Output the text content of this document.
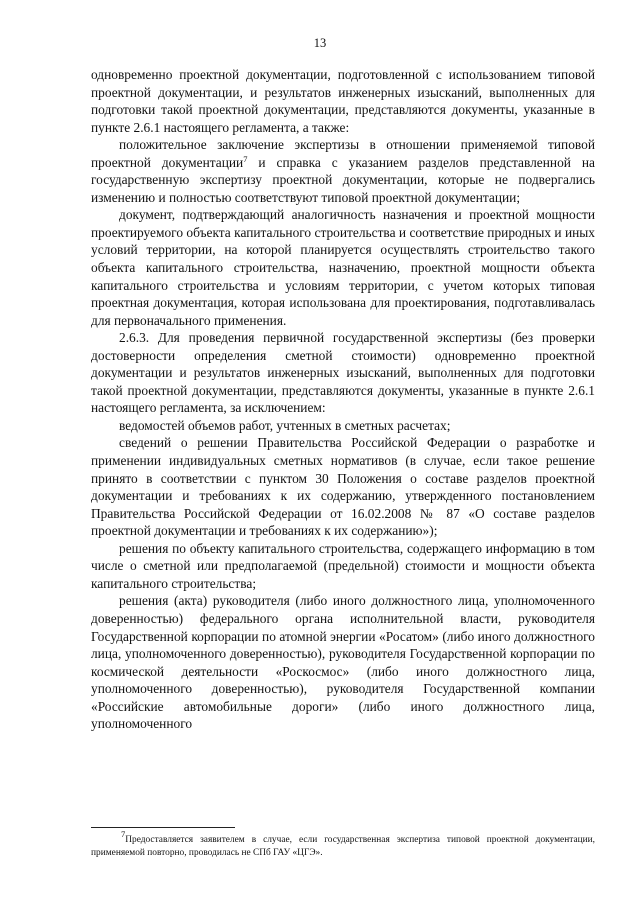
13

одновременно проектной документации, подготовленной с использованием типовой проектной документации, и результатов инженерных изысканий, выполненных для подготовки такой проектной документации, представляются документы, указанные в пункте 2.6.1 настоящего регламента, а также:

положительное заключение экспертизы в отношении применяемой типовой проектной документации$^7$ и справка с указанием разделов представленной на государственную экспертизу проектной документации, которые не подвергались изменению и полностью соответствуют типовой проектной документации;

документ, подтверждающий аналогичность назначения и проектной мощности проектируемого объекта капитального строительства и соответствие природных и иных условий территории, на которой планируется осуществлять строительство такого объекта капитального строительства, назначению, проектной мощности объекта капитального строительства и условиям территории, с учетом которых типовая проектная документация, которая использована для проектирования, подготавливалась для первоначального применения.

2.6.3. Для проведения первичной государственной экспертизы (без проверки достоверности определения сметной стоимости) одновременно проектной документации и результатов инженерных изысканий, выполненных для подготовки такой проектной документации, представляются документы, указанные в пункте 2.6.1 настоящего регламента, за исключением:

ведомостей объемов работ, учтенных в сметных расчетах;

сведений о решении Правительства Российской Федерации о разработке и применении индивидуальных сметных нормативов (в случае, если такое решение принято в соответствии с пунктом 30 Положения о составе разделов проектной документации и требованиях к их содержанию, утвержденного постановлением Правительства Российской Федерации от 16.02.2008 № 87 «О составе разделов проектной документации и требованиях к их содержанию»);

решения по объекту капитального строительства, содержащего информацию в том числе о сметной или предполагаемой (предельной) стоимости и мощности объекта капитального строительства;

решения (акта) руководителя (либо иного должностного лица, уполномоченного доверенностью) федерального органа исполнительной власти, руководителя Государственной корпорации по атомной энергии «Росатом» (либо иного должностного лица, уполномоченного доверенностью), руководителя Государственной корпорации по космической деятельности «Роскосмос» (либо иного должностного лица, уполномоченного доверенностью), руководителя Государственной компании «Российские автомобильные дороги» (либо иного должностного лица, уполномоченного

$^7$Предоставляется заявителем в случае, если государственная экспертиза типовой проектной документации, применяемой повторно, проводилась не СПб ГАУ «ЦГЭ».
